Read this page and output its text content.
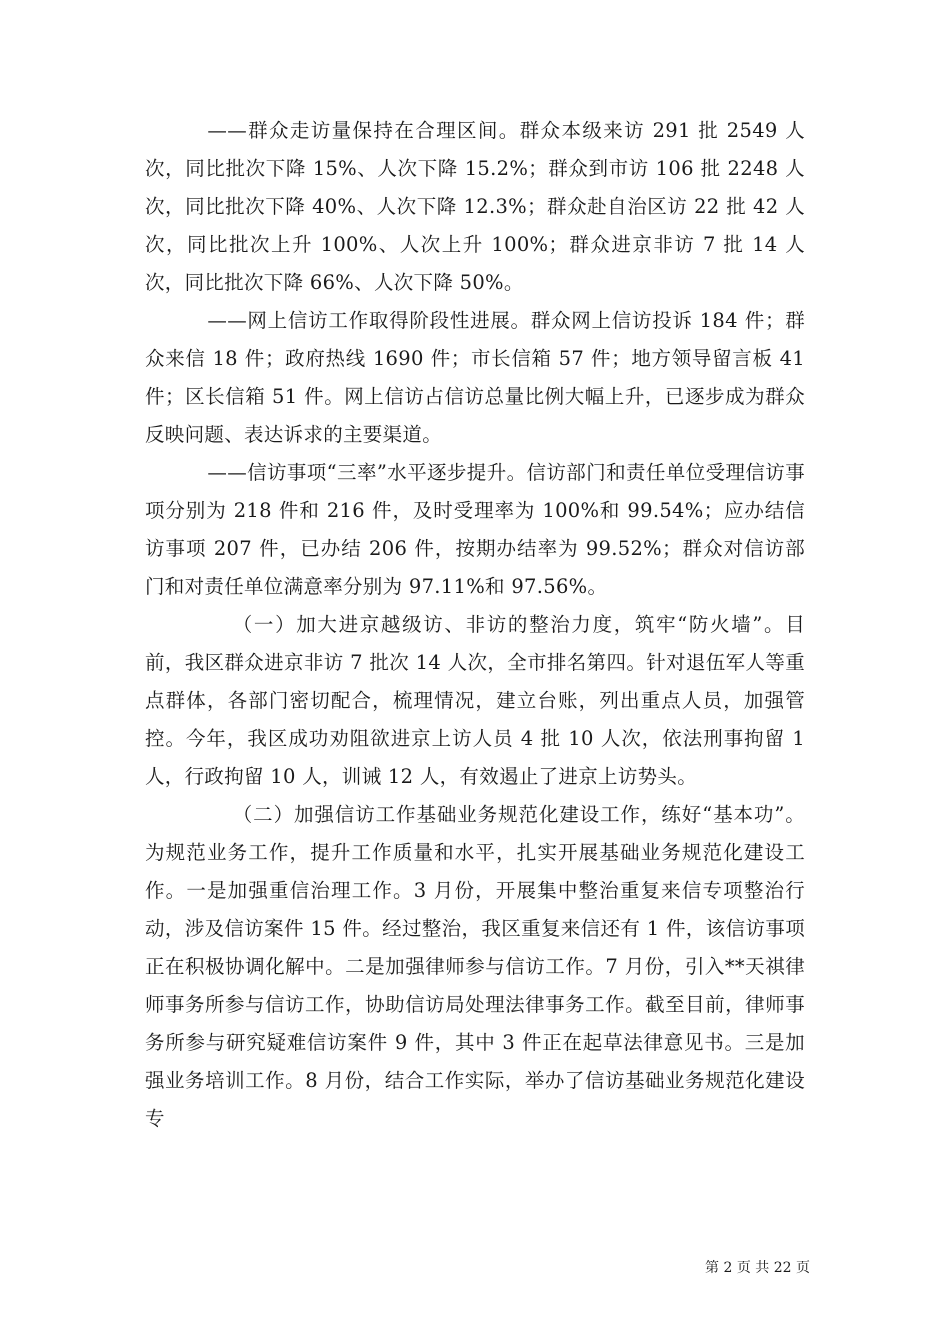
——群众走访量保持在合理区间。群众本级来访 291 批 2549 人次，同比批次下降 15%、人次下降 15.2%；群众到市访 106 批 2248 人次，同比批次下降 40%、人次下降 12.3%；群众赴自治区访 22 批 42 人次，同比批次上升 100%、人次上升 100%；群众进京非访 7 批 14 人次，同比批次下降 66%、人次下降 50%。

——网上信访工作取得阶段性进展。群众网上信访投诉 184 件；群众来信 18 件；政府热线 1690 件；市长信箱 57 件；地方领导留言板 41 件；区长信箱 51 件。网上信访占信访总量比例大幅上升，已逐步成为群众反映问题、表达诉求的主要渠道。

——信访事项“三率”水平逐步提升。信访部门和责任单位受理信访事项分别为 218 件和 216 件，及时受理率为 100%和 99.54%；应办结信访事项 207 件，已办结 206 件，按期办结率为 99.52%；群众对信访部门和对责任单位满意率分别为 97.11%和 97.56%。

（一）加大进京越级访、非访的整治力度，筑牢“防火墙”。目前，我区群众进京非访 7 批次 14 人次，全市排名第四。针对退伍军人等重点群体，各部门密切配合，梳理情况，建立台账，列出重点人员，加强管控。今年，我区成功劝阻欲进京上访人员 4 批 10 人次，依法刑事拘留 1 人，行政拘留 10 人，训诫 12 人，有效遏止了进京上访势头。

（二）加强信访工作基础业务规范化建设工作，练好“基本功”。为规范业务工作，提升工作质量和水平，扎实开展基础业务规范化建设工作。一是加强重信治理工作。3 月份，开展集中整治重复来信专项整治行动，涉及信访案件 15 件。经过整治，我区重复来信还有 1 件，该信访事项正在积极协调化解中。二是加强律师参与信访工作。7 月份，引入**天祺律师事务所参与信访工作，协助信访局处理法律事务工作。截至目前，律师事务所参与研究疑难信访案件 9 件，其中 3 件正在起草法律意见书。三是加强业务培训工作。8 月份，结合工作实际，举办了信访基础业务规范化建设专

第 2 页 共 22 页
